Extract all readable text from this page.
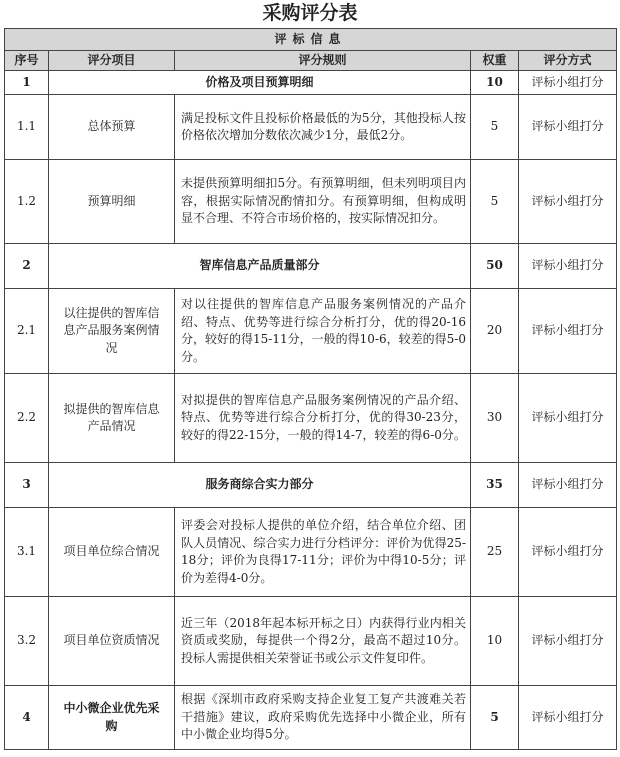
采购评分表
评标信息				
序号	评分项目	评分规则	权重	评分方式
1	价格及项目预算明细		10	评标小组打分
1.1	总体预算	满足投标文件且投标价格最低的为5分，其他投标人按价格依次增加分数依次减少1分，最低2分。	5	评标小组打分
1.2	预算明细	未提供预算明细扣5分。有预算明细，但未列明项目内容，根据实际情况酌情扣分。有预算明细，但构成明显不合理、不符合市场价格的，按实际情况扣分。	5	评标小组打分
2	智库信息产品质量部分		50	评标小组打分
2.1	以往提供的智库信息产品服务案例情况	对以往提供的智库信息产品服务案例情况的产品介绍、特点、优势等进行综合分析打分，优的得20-16分，较好的得15-11分，一般的得10-6，较差的得5-0分。	20	评标小组打分
2.2	拟提供的智库信息产品情况	对拟提供的智库信息产品服务案例情况的产品介绍、特点、优势等进行综合分析打分，优的得30-23分，较好的得22-15分，一般的得14-7，较差的得6-0分。	30	评标小组打分
3	服务商综合实力部分		35	评标小组打分
3.1	项目单位综合情况	评委会对投标人提供的单位介绍，结合单位介绍、团队人员情况、综合实力进行分档评分：评价为优得25-18分；评价为良得17-11分；评价为中得10-5分；评价为差得4-0分。	25	评标小组打分
3.2	项目单位资质情况	近三年（2018年起本标开标之日）内获得行业内相关资质或奖励，每提供一个得2分，最高不超过10分。投标人需提供相关荣誉证书或公示文件复印件。	10	评标小组打分
4	中小微企业优先采购	根据《深圳市政府采购支持企业复工复产共渡难关若干措施》建议，政府采购优先选择中小微企业，所有中小微企业均得5分。	5	评标小组打分
